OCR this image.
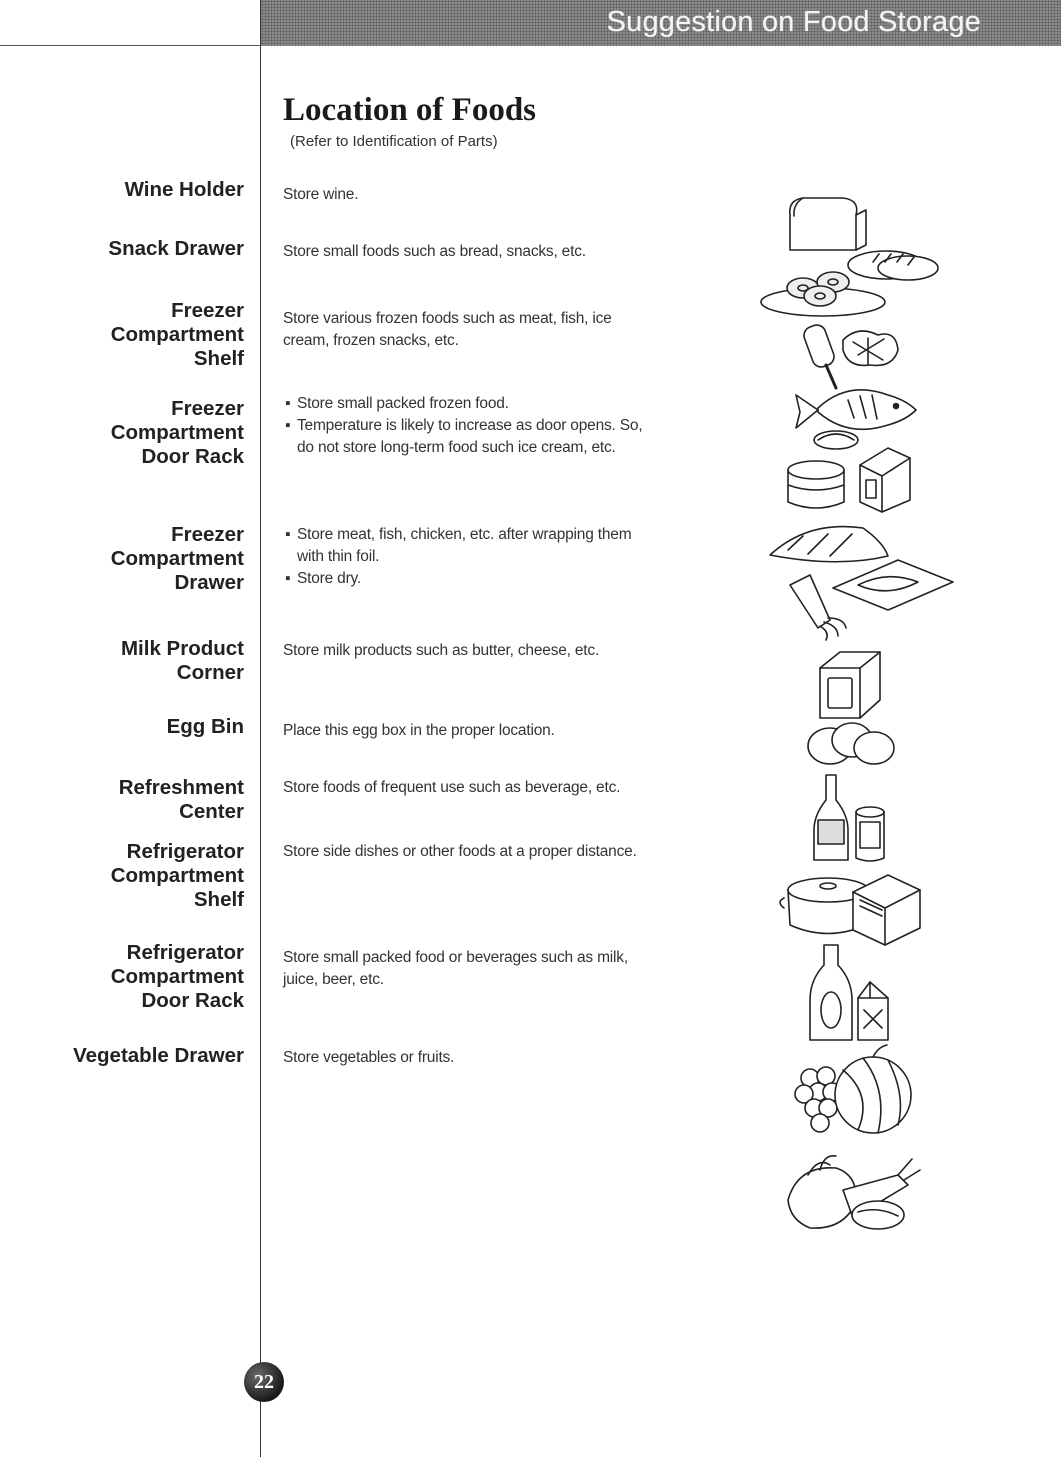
Suggestion on Food Storage
Location of Foods
(Refer to Identification of Parts)
Wine Holder
Snack Drawer
Freezer
Compartment
Shelf
Freezer
Compartment
Door Rack
Freezer
Compartment
Drawer
Milk Product
Corner
Egg Bin
Refreshment
Center
Refrigerator
Compartment
Shelf
Refrigerator
Compartment
Door Rack
Vegetable Drawer
Store wine.
Store small foods such as bread, snacks, etc.
Store various frozen foods such as meat, fish, ice cream, frozen snacks, etc.
▪ Store small packed frozen food.
▪ Temperature is likely to increase as door opens. So, do not store long-term food such ice cream, etc.
▪ Store meat, fish, chicken, etc. after wrapping them with thin foil.
▪ Store dry.
Store milk products such as butter, cheese, etc.
Place this egg box in the proper location.
Store foods of frequent use such as beverage, etc.
Store side dishes or other foods at a proper distance.
Store small packed food or beverages such as milk, juice, beer, etc.
Store vegetables or fruits.
22
